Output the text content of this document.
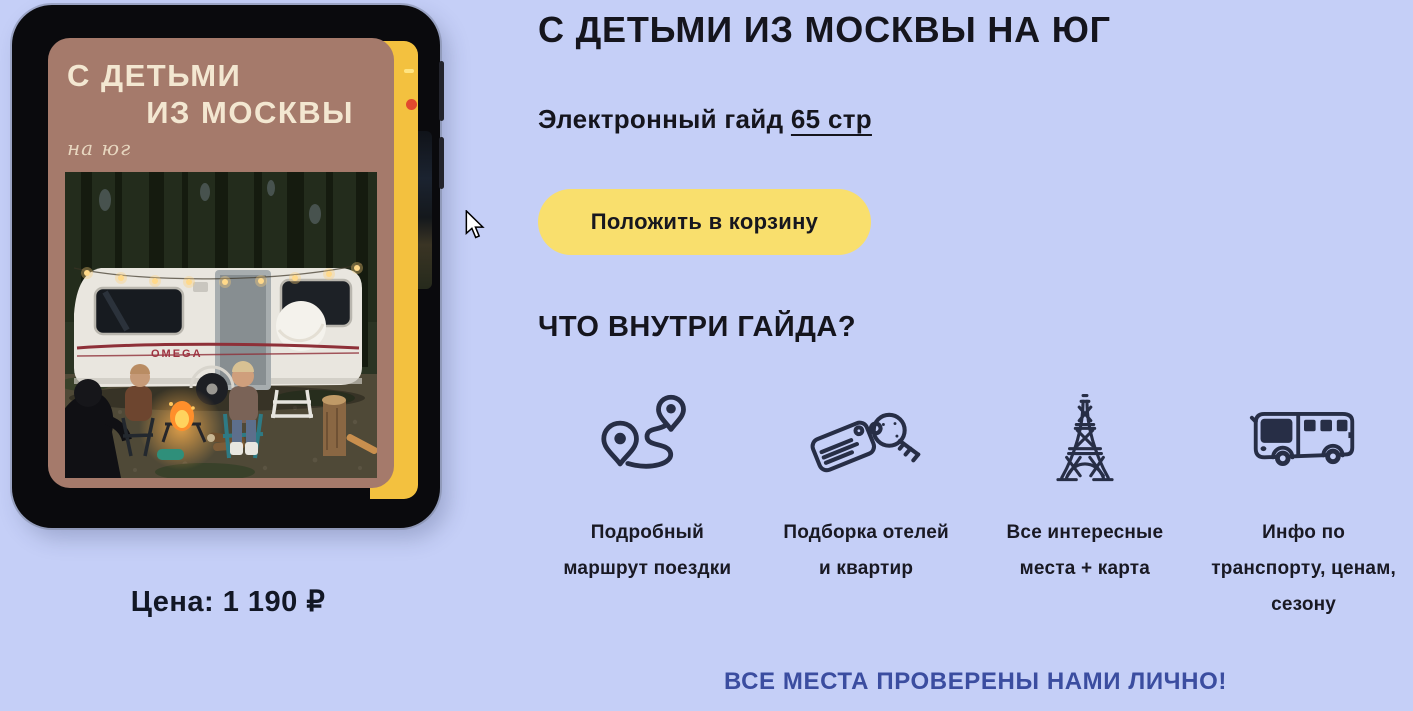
С ДЕТЬМИ
ИЗ МОСКВЫ
на юг
OMEGA
Цена: 1 190 ₽
С ДЕТЬМИ ИЗ МОСКВЫ НА ЮГ
Электронный гайд 65 стр
Положить в корзину
ЧТО ВНУТРИ ГАЙДА?
Подробный
маршрут поездки
Подборка отелей
и квартир
Все интересные
места + карта
Инфо по
транспорту, ценам,
сезону
ВСЕ МЕСТА ПРОВЕРЕНЫ НАМИ ЛИЧНО!
